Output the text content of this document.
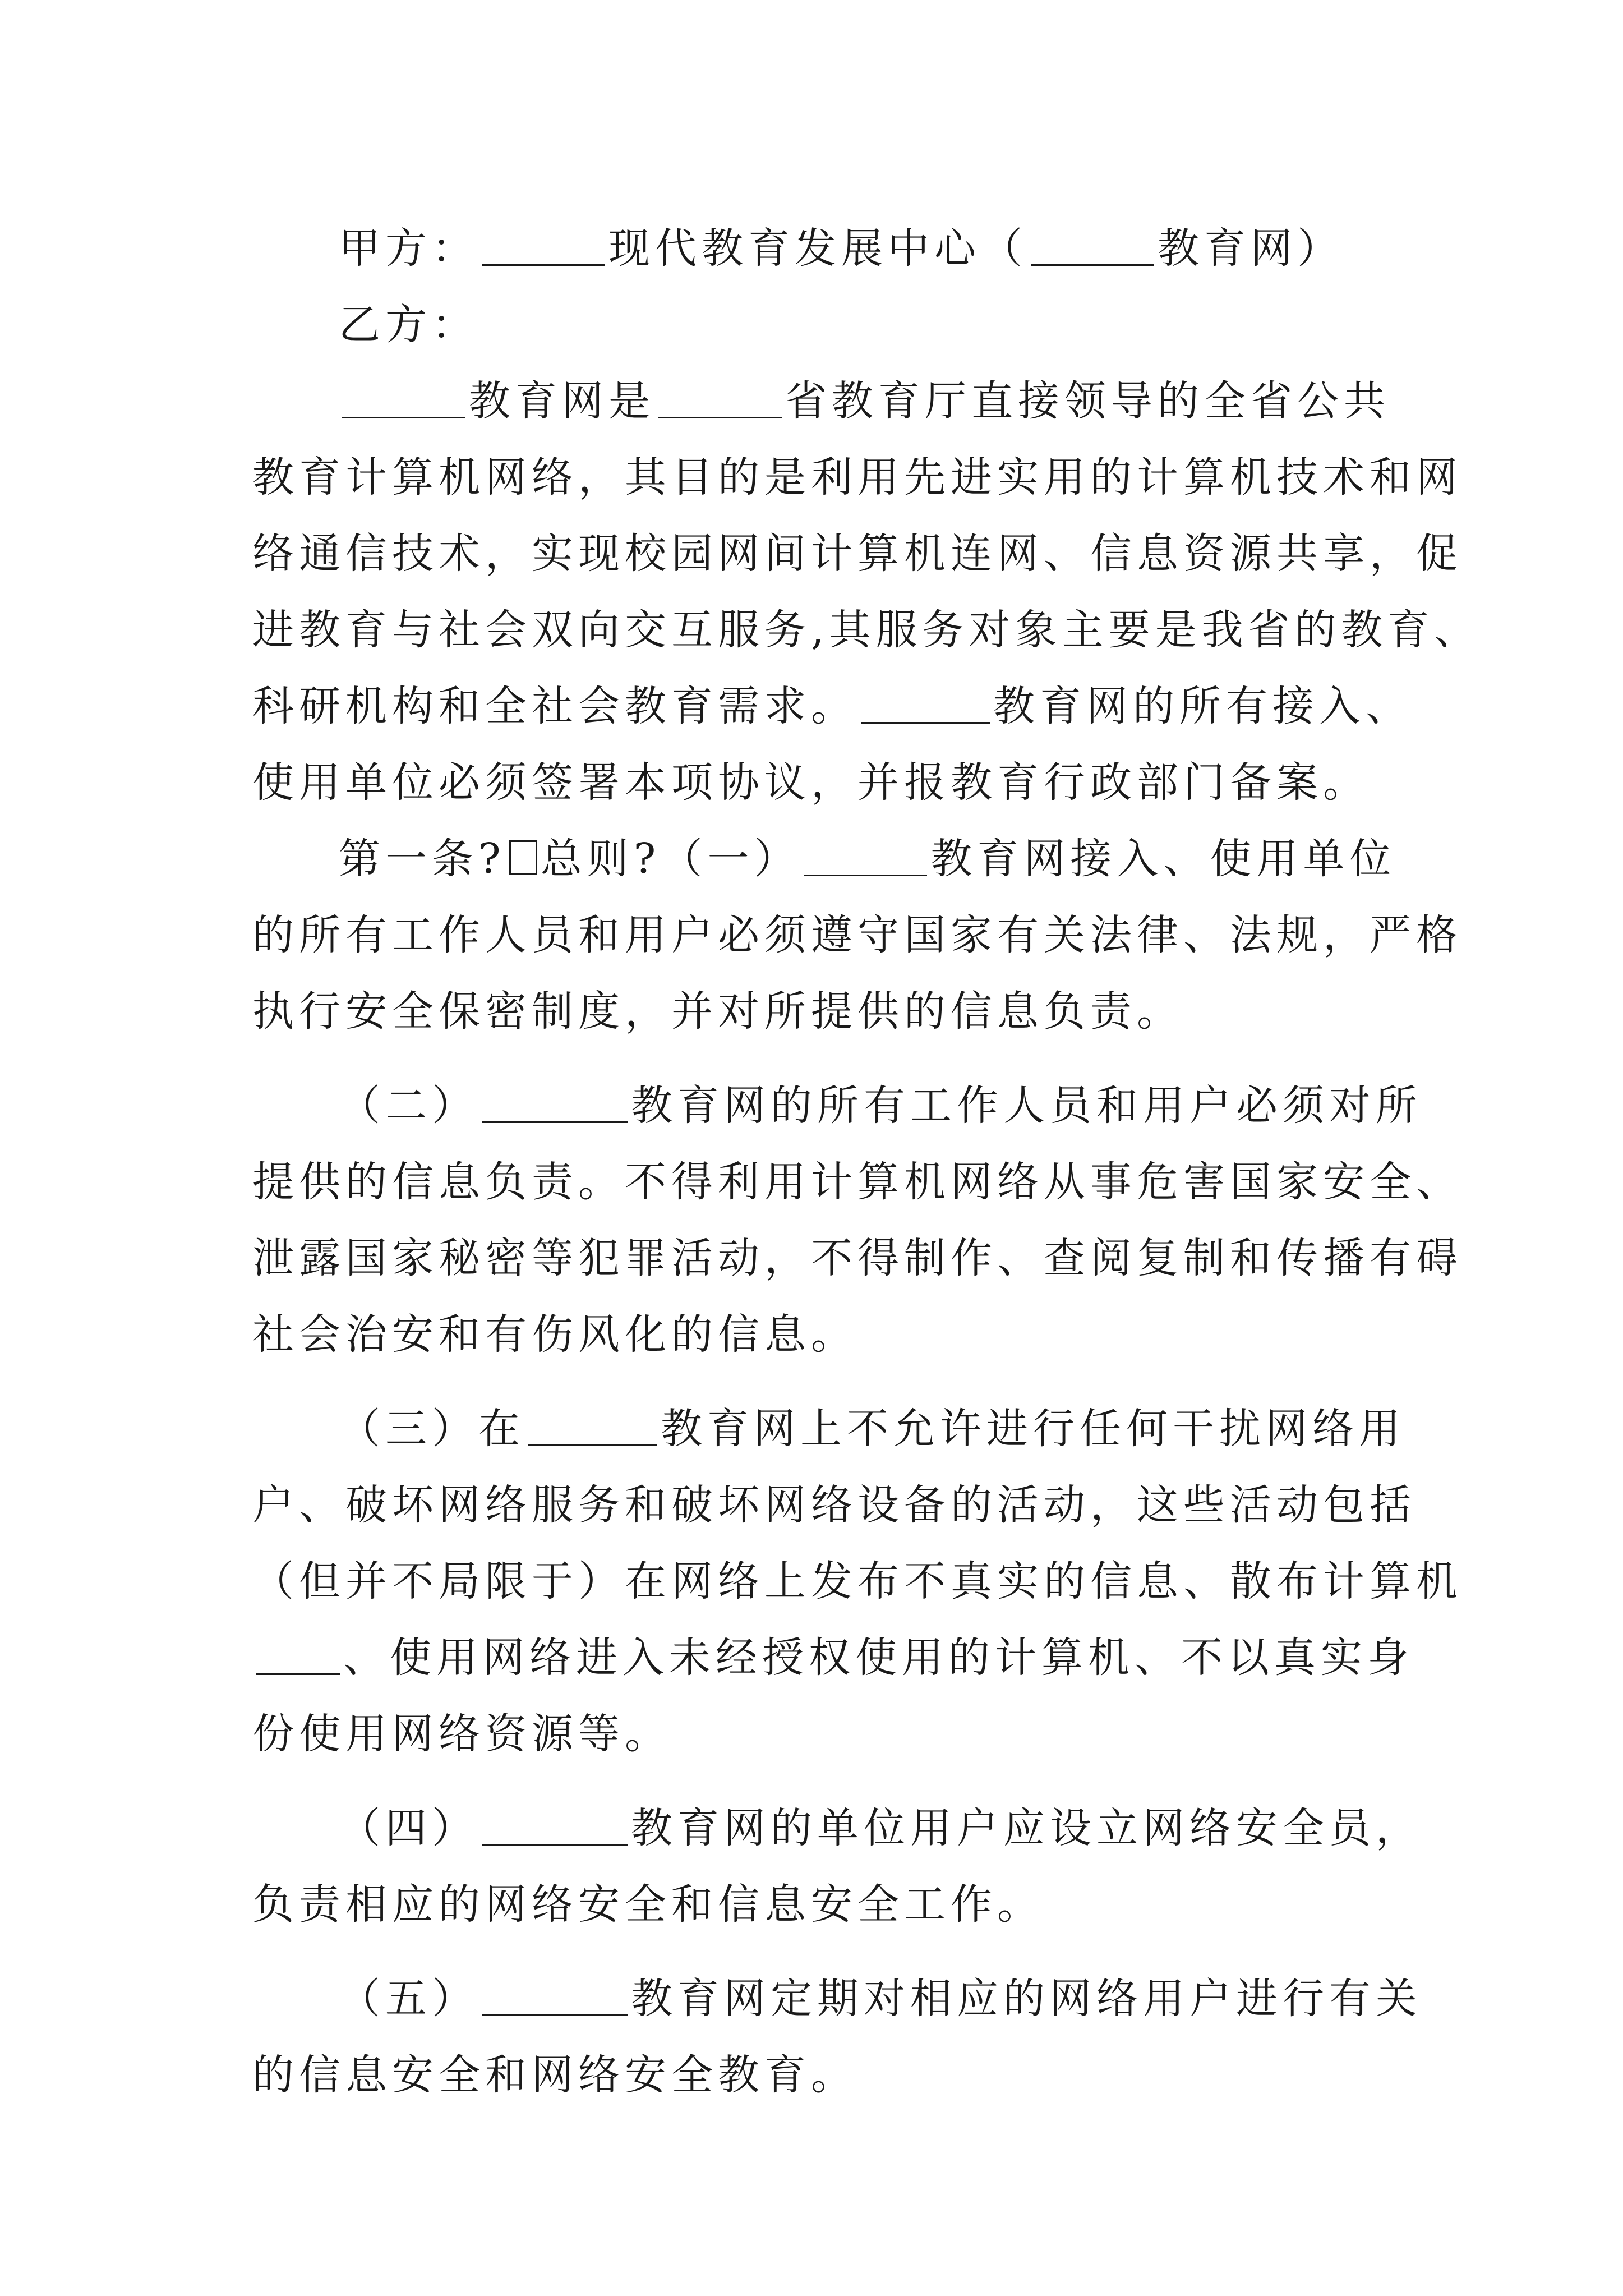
甲方：	现代教育发展中心（	教育网）
乙方：
教育网是	省教育厅直接领导的全省公共
教育计算机网络，其目的是利用先进实用的计算机技术和网
络通信技术，实现校园网间计算机连网、信息资源共享，促
进教育与社会双向交互服务,其服务对象主要是我省的教育、
科研机构和全社会教育需求。	教育网的所有接入、
使用单位必须签署本项协议，并报教育行政部门备案。
第一条? 总则?（一）	教育网接入、使用单位
的所有工作人员和用户必须遵守国家有关法律、法规，严格
执行安全保密制度，并对所提供的信息负责。
（二）	教育网的所有工作人员和用户必须对所
提供的信息负责。不得利用计算机网络从事危害国家安全、
泄露国家秘密等犯罪活动，不得制作、查阅复制和传播有碍
社会治安和有伤风化的信息。
（三）在	教育网上不允许进行任何干扰网络用
户、破坏网络服务和破坏网络设备的活动，这些活动包括
（但并不局限于）在网络上发布不真实的信息、散布计算机
、使用网络进入未经授权使用的计算机、不以真实身
份使用网络资源等。
（四）	教育网的单位用户应设立网络安全员，
负责相应的网络安全和信息安全工作。
（五）	教育网定期对相应的网络用户进行有关
的信息安全和网络安全教育。
